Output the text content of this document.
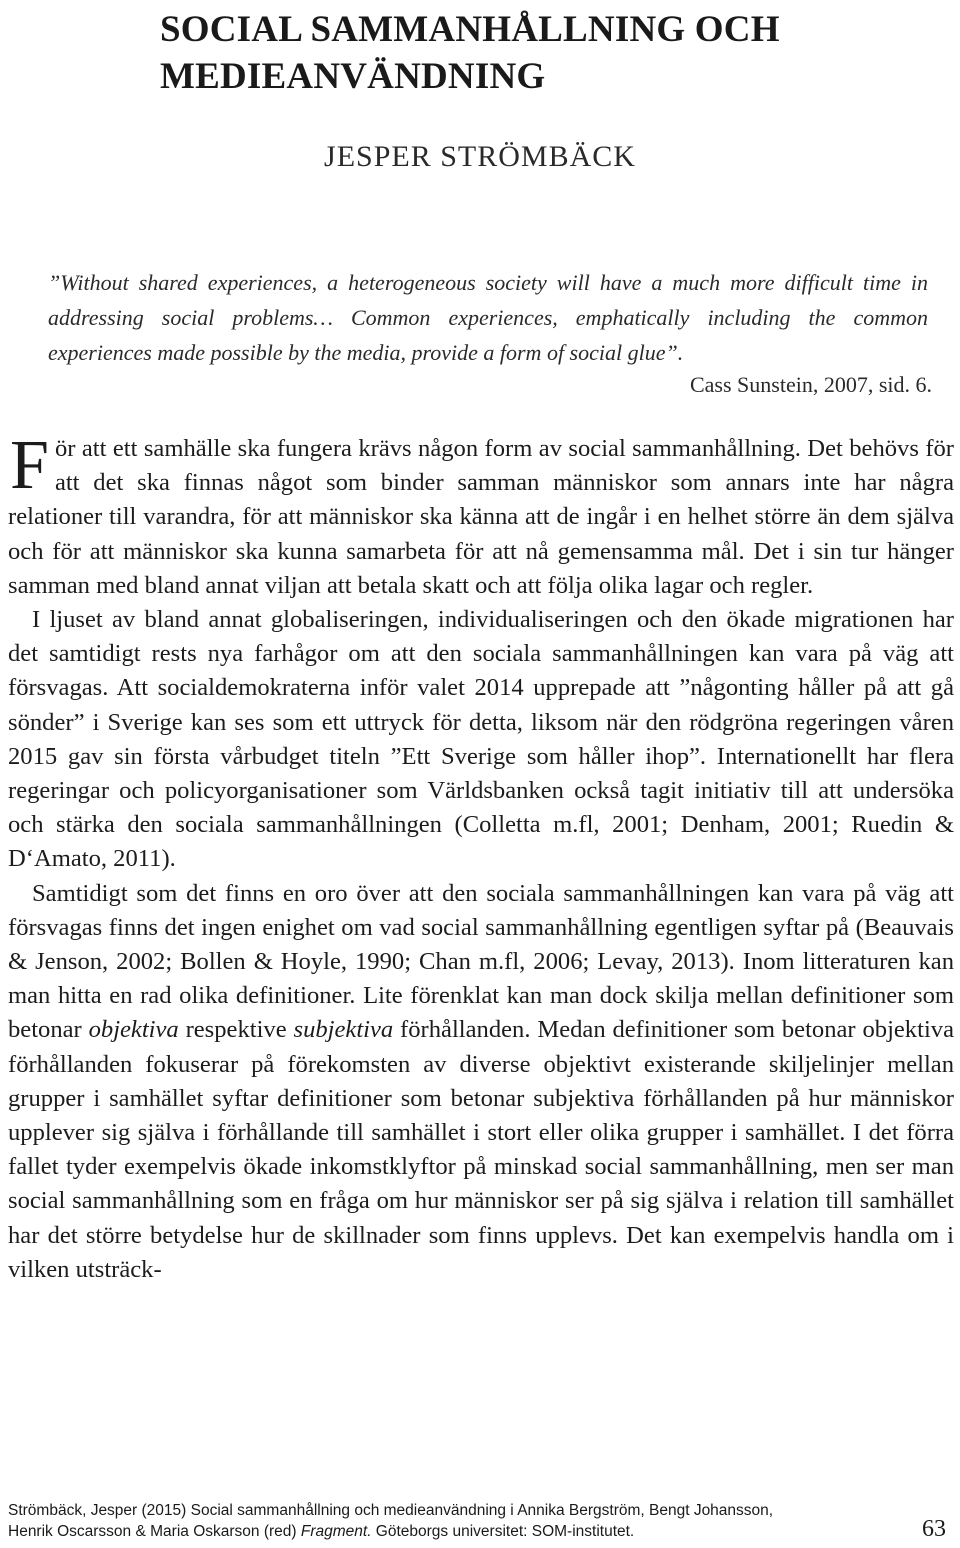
SOCIAL SAMMANHÅLLNING OCH MEDIEANVÄNDNING
JESPER STRÖMBÄCK
”Without shared experiences, a heterogeneous society will have a much more difficult time in addressing social problems… Common experiences, emphatically including the common experiences made possible by the media, provide a form of social glue”.
Cass Sunstein, 2007, sid. 6.

För att ett samhälle ska fungera krävs någon form av social sammanhållning. Det behövs för att det ska finnas något som binder samman människor som annars inte har några relationer till varandra, för att människor ska känna att de ingår i en helhet större än dem själva och för att människor ska kunna samarbeta för att nå gemensamma mål. Det i sin tur hänger samman med bland annat viljan att betala skatt och att följa olika lagar och regler.

I ljuset av bland annat globaliseringen, individualiseringen och den ökade migrationen har det samtidigt rests nya farhågor om att den sociala sammanhållningen kan vara på väg att försvagas. Att socialdemokraterna inför valet 2014 upprepade att ”någonting håller på att gå sönder” i Sverige kan ses som ett uttryck för detta, liksom när den rödgröna regeringen våren 2015 gav sin första vårbudget titeln ”Ett Sverige som håller ihop”. Internationellt har flera regeringar och policyorganisationer som Världsbanken också tagit initiativ till att undersöka och stärka den sociala sammanhållningen (Colletta m.fl, 2001; Denham, 2001; Ruedin & D‘Amato, 2011).

Samtidigt som det finns en oro över att den sociala sammanhållningen kan vara på väg att försvagas finns det ingen enighet om vad social sammanhållning egentligen syftar på (Beauvais & Jenson, 2002; Bollen & Hoyle, 1990; Chan m.fl, 2006; Levay, 2013). Inom litteraturen kan man hitta en rad olika definitioner. Lite förenklat kan man dock skilja mellan definitioner som betonar objektiva respektive subjektiva förhållanden. Medan definitioner som betonar objektiva förhållanden fokuserar på förekomsten av diverse objektivt existerande skiljelinjer mellan grupper i samhället syftar definitioner som betonar subjektiva förhållanden på hur människor upplever sig själva i förhållande till samhället i stort eller olika grupper i samhället. I det förra fallet tyder exempelvis ökade inkomstklyftor på minskad social sammanhållning, men ser man social sammanhållning som en fråga om hur människor ser på sig själva i relation till samhället har det större betydelse hur de skillnader som finns upplevs. Det kan exempelvis handla om i vilken utsträck-

Strömbäck, Jesper (2015) Social sammanhållning och medieanvändning i Annika Bergström, Bengt Johansson,
Henrik Oscarsson & Maria Oskarson (red) Fragment. Göteborgs universitet: SOM-institutet.	63
